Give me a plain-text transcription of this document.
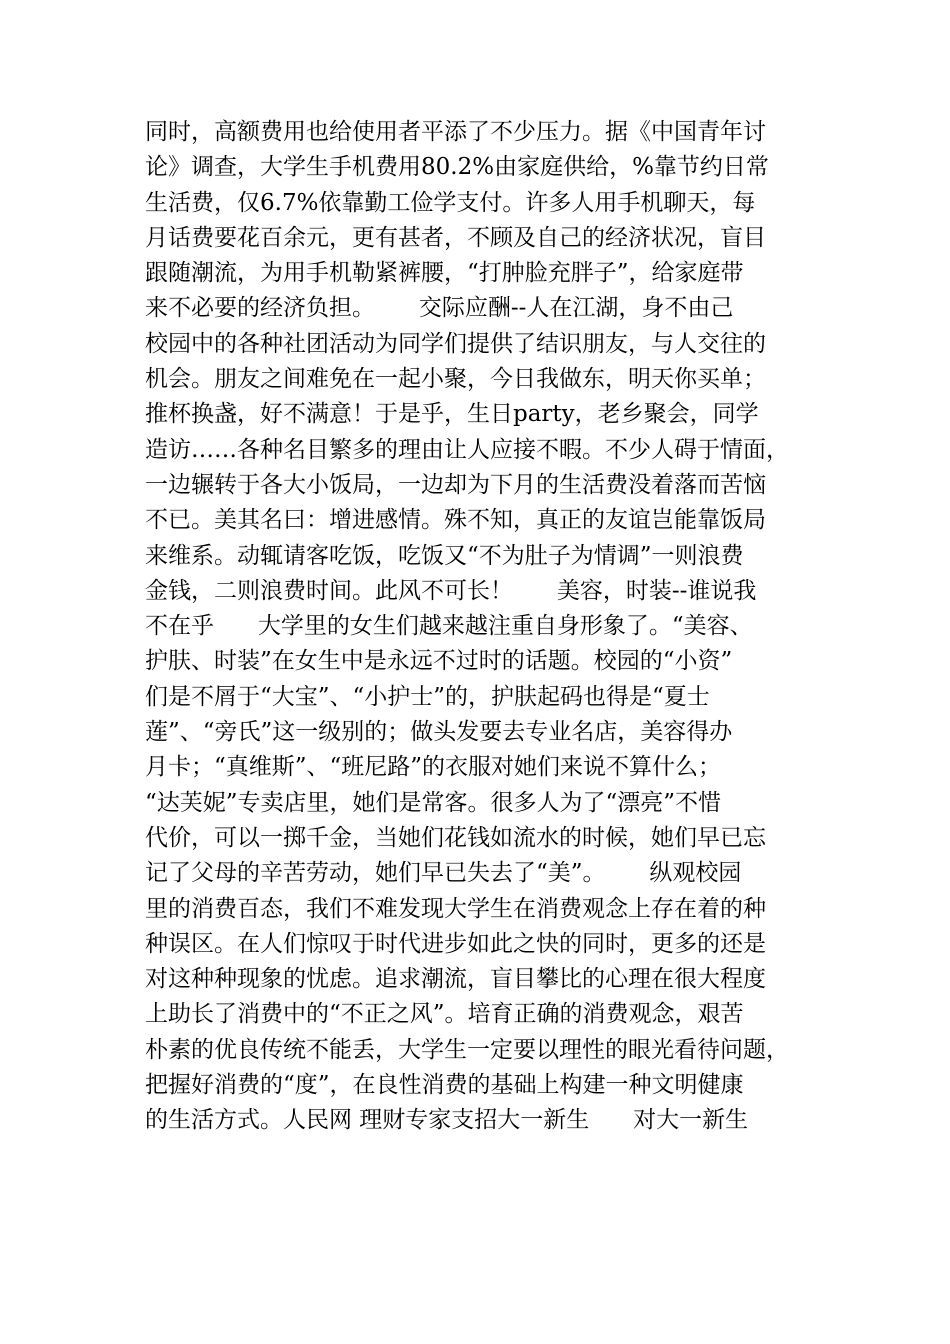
同时，高额费用也给使用者平添了不少压力。据《中国青年讨
论》调查，大学生手机费用80.2%由家庭供给，%靠节约日常
生活费，仅6.7%依靠勤工俭学支付。许多人用手机聊天，每
月话费要花百余元，更有甚者，不顾及自己的经济状况，盲目
跟随潮流，为用手机勒紧裤腰，“打肿脸充胖子”，给家庭带
来不必要的经济负担。      交际应酬--人在江湖，身不由己
校园中的各种社团活动为同学们提供了结识朋友，与人交往的
机会。朋友之间难免在一起小聚，今日我做东，明天你买单；
推杯换盏，好不满意！于是乎，生日party，老乡聚会，同学
造访……各种名目繁多的理由让人应接不暇。不少人碍于情面，
一边辗转于各大小饭局，一边却为下月的生活费没着落而苦恼
不已。美其名曰：增进感情。殊不知，真正的友谊岂能靠饭局
来维系。动辄请客吃饭，吃饭又“不为肚子为情调”一则浪费
金钱，二则浪费时间。此风不可长！      美容，时装--谁说我
不在乎      大学里的女生们越来越注重自身形象了。“美容、
护肤、时装”在女生中是永远不过时的话题。校园的“小资”
们是不屑于“大宝”、“小护士”的，护肤起码也得是“夏士
莲”、“旁氏”这一级别的；做头发要去专业名店，美容得办
月卡；“真维斯”、“班尼路”的衣服对她们来说不算什么；
“达芙妮”专卖店里，她们是常客。很多人为了“漂亮”不惜
代价，可以一掷千金，当她们花钱如流水的时候，她们早已忘
记了父母的辛苦劳动，她们早已失去了“美”。      纵观校园
里的消费百态，我们不难发现大学生在消费观念上存在着的种
种误区。在人们惊叹于时代进步如此之快的同时，更多的还是
对这种种现象的忧虑。追求潮流，盲目攀比的心理在很大程度
上助长了消费中的“不正之风”。培育正确的消费观念，艰苦
朴素的优良传统不能丢，大学生一定要以理性的眼光看待问题，
把握好消费的“度”，在良性消费的基础上构建一种文明健康
的生活方式。人民网 理财专家支招大一新生      对大一新生
